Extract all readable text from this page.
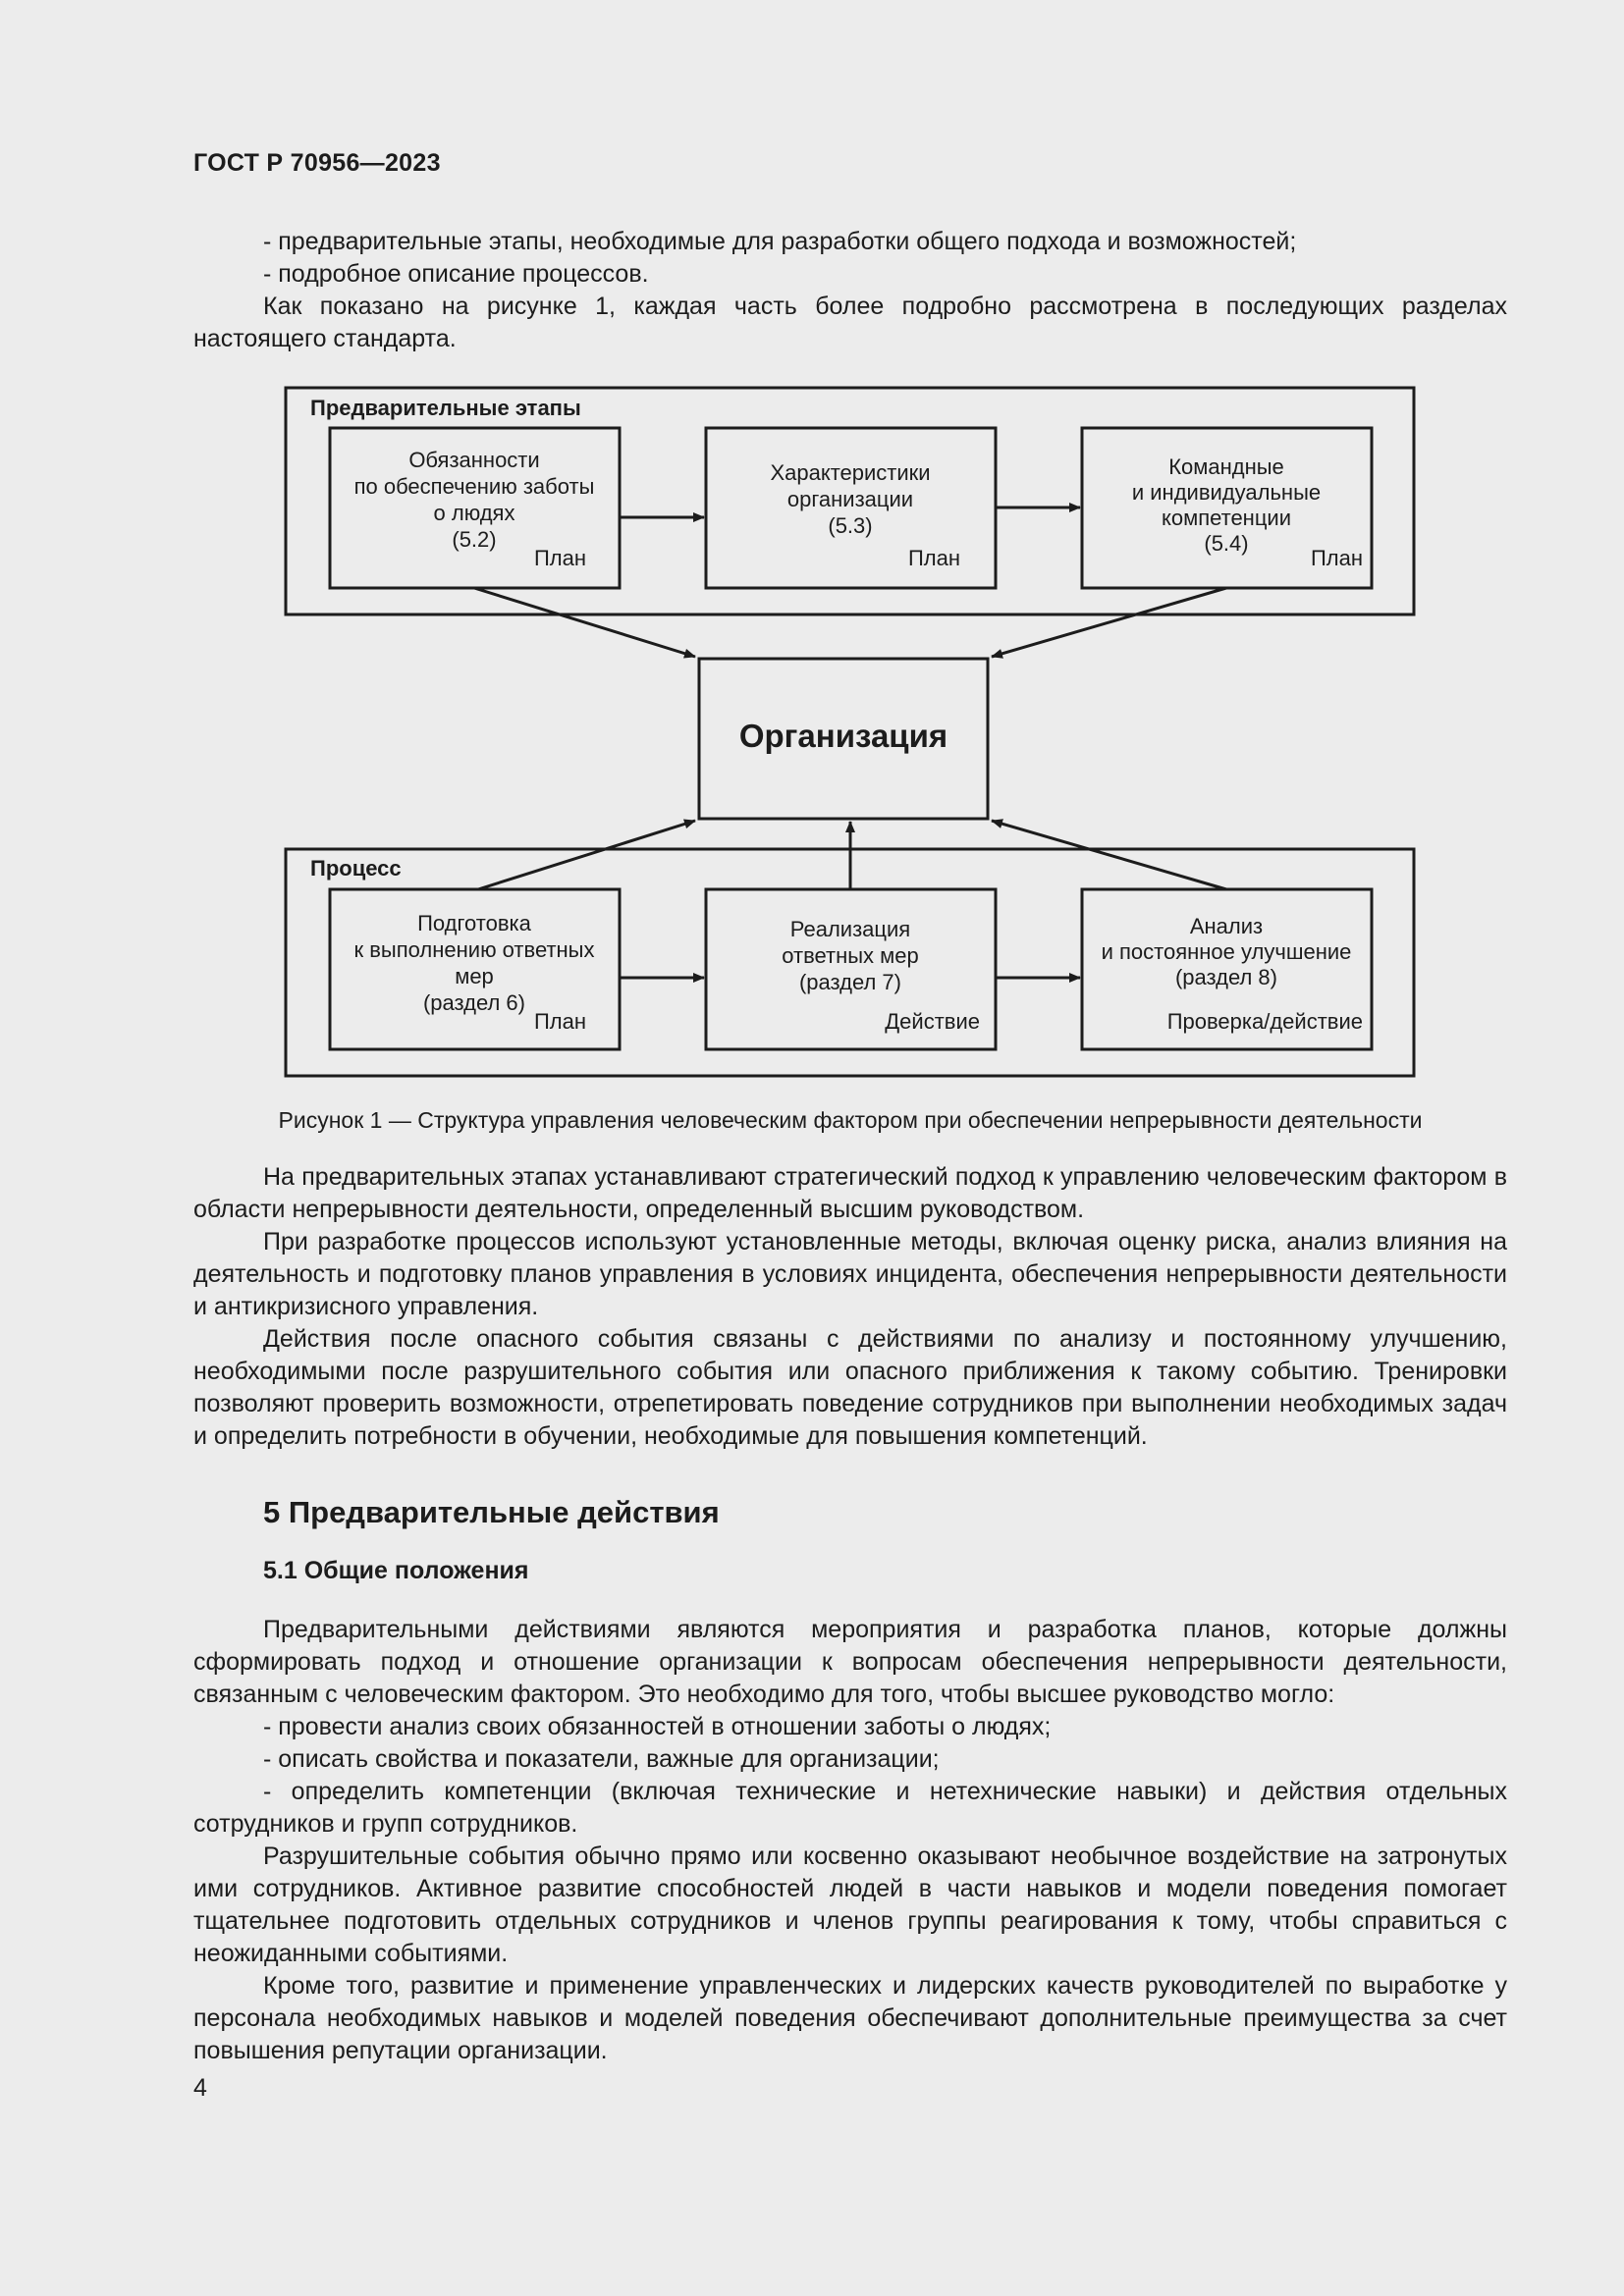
ГОСТ Р 70956—2023

- предварительные этапы, необходимые для разработки общего подхода и возможностей;

- подробное описание процессов.

Как показано на рисунке 1, каждая часть более подробно рассмотрена в последующих разделах настоящего стандарта.

Предварительные этапы
Обязанности
по обеспечению заботы
о людях
(5.2)
План
Характеристики
организации
(5.3)
План
Командные
и индивидуальные
компетенции
(5.4)
План
Организация
Процесс
Подготовка
к выполнению ответных
мер
(раздел 6)
План
Реализация
ответных мер
(раздел 7)
Действие
Анализ
и постоянное улучшение
(раздел 8)
Проверка/действие
Рисунок 1 — Структура управления человеческим фактором при обеспечении непрерывности деятельности

На предварительных этапах устанавливают стратегический подход к управлению человеческим фактором в области непрерывности деятельности, определенный высшим руководством.

При разработке процессов используют установленные методы, включая оценку риска, анализ влияния на деятельность и подготовку планов управления в условиях инцидента, обеспечения непрерывности деятельности и антикризисного управления.

Действия после опасного события связаны с действиями по анализу и постоянному улучшению, необходимыми после разрушительного события или опасного приближения к такому событию. Тренировки позволяют проверить возможности, отрепетировать поведение сотрудников при выполнении необходимых задач и определить потребности в обучении, необходимые для повышения компетенций.

5 Предварительные действия
5.1 Общие положения

Предварительными действиями являются мероприятия и разработка планов, которые должны сформировать подход и отношение организации к вопросам обеспечения непрерывности деятельности, связанным с человеческим фактором. Это необходимо для того, чтобы высшее руководство могло:

- провести анализ своих обязанностей в отношении заботы о людях;

- описать свойства и показатели, важные для организации;

- определить компетенции (включая технические и нетехнические навыки) и действия отдельных сотрудников и групп сотрудников.

Разрушительные события обычно прямо или косвенно оказывают необычное воздействие на затронутых ими сотрудников. Активное развитие способностей людей в части навыков и модели поведения помогает тщательнее подготовить отдельных сотрудников и членов группы реагирования к тому, чтобы справиться с неожиданными событиями.

Кроме того, развитие и применение управленческих и лидерских качеств руководителей по выработке у персонала необходимых навыков и моделей поведения обеспечивают дополнительные преимущества за счет повышения репутации организации.

4
